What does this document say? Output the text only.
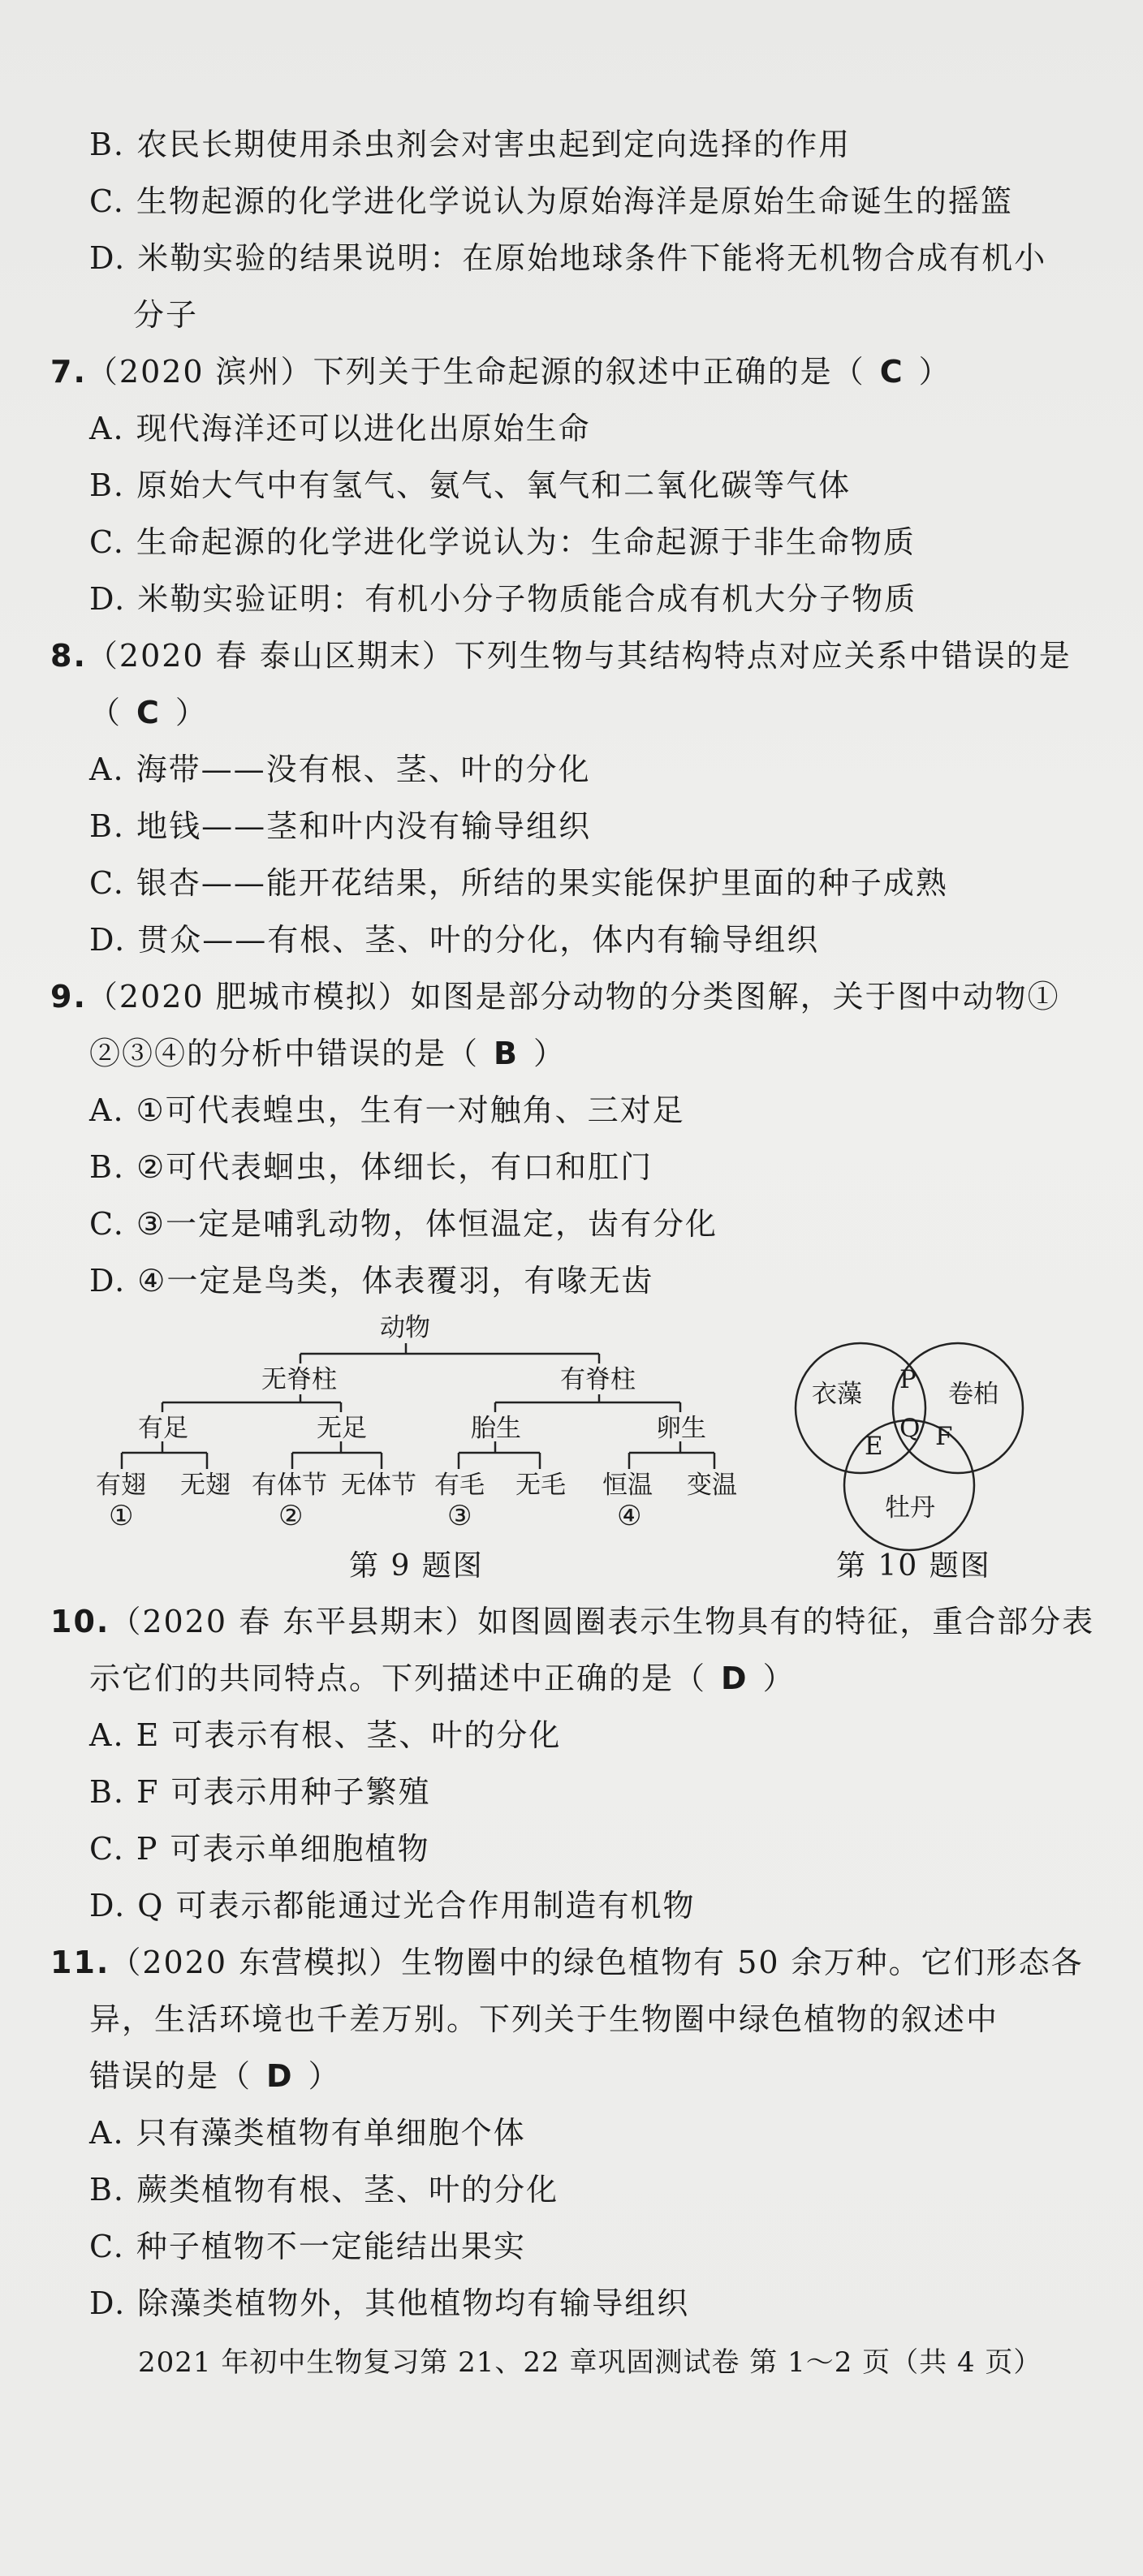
B. 农民长期使用杀虫剂会对害虫起到定向选择的作用
C. 生物起源的化学进化学说认为原始海洋是原始生命诞生的摇篮
D. 米勒实验的结果说明：在原始地球条件下能将无机物合成有机小
分子
7.（2020 滨州）下列关于生命起源的叙述中正确的是（ C ）
A. 现代海洋还可以进化出原始生命
B. 原始大气中有氢气、氨气、氧气和二氧化碳等气体
C. 生命起源的化学进化学说认为：生命起源于非生命物质
D. 米勒实验证明：有机小分子物质能合成有机大分子物质
8.（2020 春 泰山区期末）下列生物与其结构特点对应关系中错误的是
（ C ）
A. 海带——没有根、茎、叶的分化
B. 地钱——茎和叶内没有输导组织
C. 银杏——能开花结果，所结的果实能保护里面的种子成熟
D. 贯众——有根、茎、叶的分化，体内有输导组织
9.（2020 肥城市模拟）如图是部分动物的分类图解，关于图中动物①
②③④的分析中错误的是（ B ）
A. ①可代表蝗虫，生有一对触角、三对足
B. ②可代表蛔虫，体细长，有口和肛门
C. ③一定是哺乳动物，体恒温定，齿有分化
D. ④一定是鸟类，体表覆羽，有喙无齿
动物
无脊柱	有脊柱
有足	无足	胎生	卵生
有翅 无翅 有体节 无体节 有毛 无毛 恒温 变温
①	②	③	④
第 9 题图
衣藻	卷柏
牡丹
P
Q
E F
第 10 题图
10.（2020 春 东平县期末）如图圆圈表示生物具有的特征，重合部分表
示它们的共同特点。下列描述中正确的是（ D ）
A. E 可表示有根、茎、叶的分化
B. F 可表示用种子繁殖
C. P 可表示单细胞植物
D. Q 可表示都能通过光合作用制造有机物
11.（2020 东营模拟）生物圈中的绿色植物有 50 余万种。它们形态各
异，生活环境也千差万别。下列关于生物圈中绿色植物的叙述中
错误的是（ D ）
A. 只有藻类植物有单细胞个体
B. 蕨类植物有根、茎、叶的分化
C. 种子植物不一定能结出果实
D. 除藻类植物外，其他植物均有输导组织
2021 年初中生物复习第 21、22 章巩固测试卷 第 1～2 页（共 4 页）
